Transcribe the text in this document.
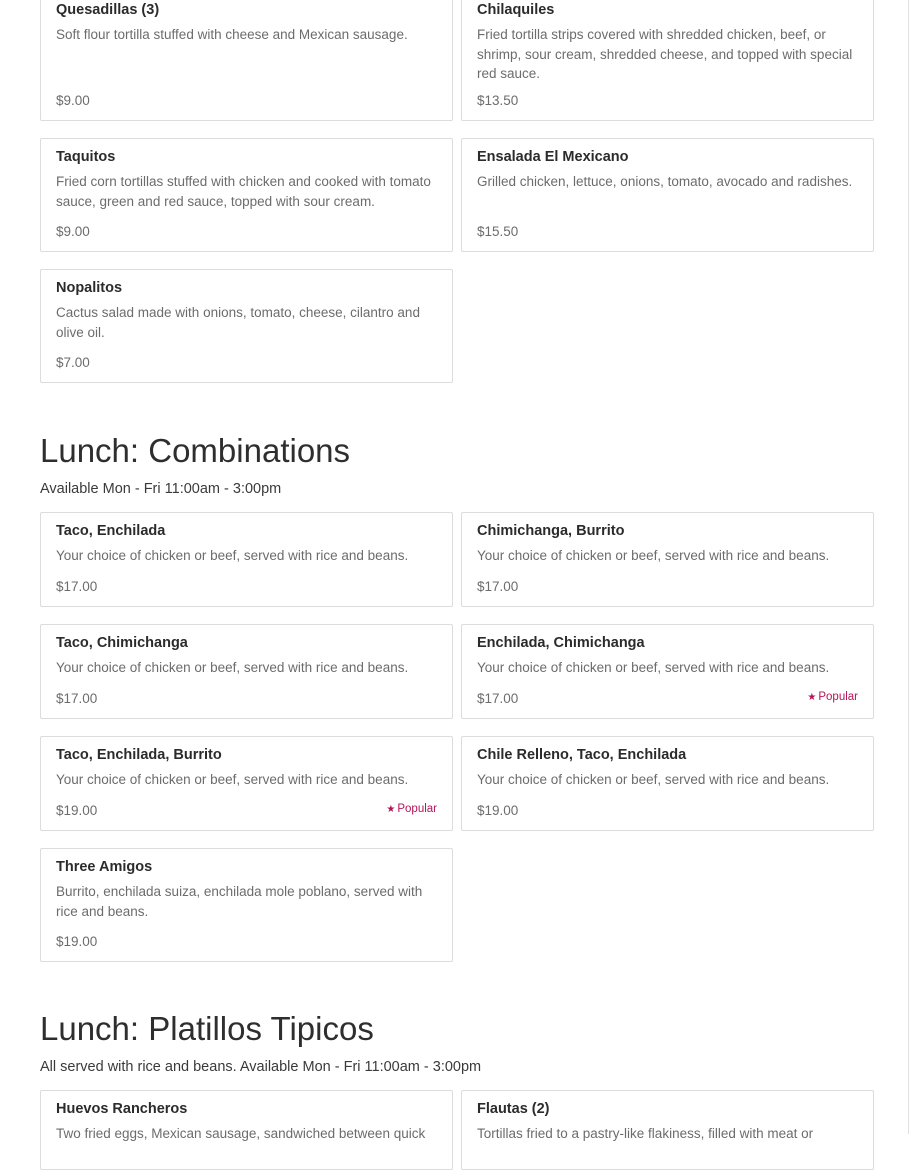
Quesadillas (3)
Soft flour tortilla stuffed with cheese and Mexican sausage.
$9.00
Chilaquiles
Fried tortilla strips covered with shredded chicken, beef, or shrimp, sour cream, shredded cheese, and topped with special red sauce.
$13.50
Taquitos
Fried corn tortillas stuffed with chicken and cooked with tomato sauce, green and red sauce, topped with sour cream.
$9.00
Ensalada El Mexicano
Grilled chicken, lettuce, onions, tomato, avocado and radishes.
$15.50
Nopalitos
Cactus salad made with onions, tomato, cheese, cilantro and olive oil.
$7.00
Lunch: Combinations
Available Mon - Fri 11:00am - 3:00pm
Taco, Enchilada
Your choice of chicken or beef, served with rice and beans.
$17.00
Chimichanga, Burrito
Your choice of chicken or beef, served with rice and beans.
$17.00
Taco, Chimichanga
Your choice of chicken or beef, served with rice and beans.
$17.00
Enchilada, Chimichanga
Your choice of chicken or beef, served with rice and beans.
$17.00	★ Popular
Taco, Enchilada, Burrito
Your choice of chicken or beef, served with rice and beans.
$19.00	★ Popular
Chile Relleno, Taco, Enchilada
Your choice of chicken or beef, served with rice and beans.
$19.00
Three Amigos
Burrito, enchilada suiza, enchilada mole poblano, served with rice and beans.
$19.00
Lunch: Platillos Tipicos
All served with rice and beans. Available Mon - Fri 11:00am - 3:00pm
Huevos Rancheros
Two fried eggs, Mexican sausage, sandwiched between quick
Flautas (2)
Tortillas fried to a pastry-like flakiness, filled with meat or
